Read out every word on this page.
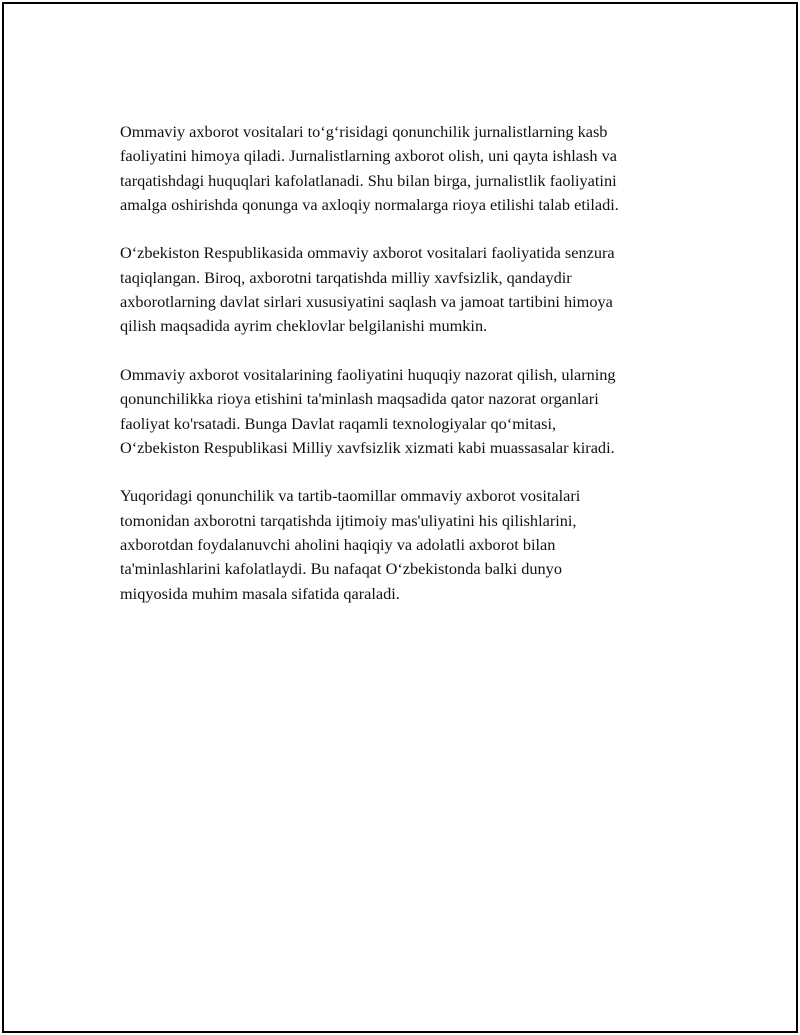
Ommaviy axborot vositalari to‘g‘risidagi qonunchilik jurnalistlarning kasb
faoliyatini himoya qiladi. Jurnalistlarning axborot olish, uni qayta ishlash va
tarqatishdagi huquqlari kafolatlanadi. Shu bilan birga, jurnalistlik faoliyatini
amalga oshirishda qonunga va axloqiy normalarga rioya etilishi talab etiladi.

O‘zbekiston Respublikasida ommaviy axborot vositalari faoliyatida senzura
taqiqlangan. Biroq, axborotni tarqatishda milliy xavfsizlik, qandaydir
axborotlarning davlat sirlari xususiyatini saqlash va jamoat tartibini himoya
qilish maqsadida ayrim cheklovlar belgilanishi mumkin.

Ommaviy axborot vositalarining faoliyatini huquqiy nazorat qilish, ularning
qonunchilikka rioya etishini ta'minlash maqsadida qator nazorat organlari
faoliyat ko'rsatadi. Bunga Davlat raqamli texnologiyalar qo‘mitasi,
O‘zbekiston Respublikasi Milliy xavfsizlik xizmati kabi muassasalar kiradi.

Yuqoridagi qonunchilik va tartib-taomillar ommaviy axborot vositalari
tomonidan axborotni tarqatishda ijtimoiy mas'uliyatini his qilishlarini,
axborotdan foydalanuvchi aholini haqiqiy va adolatli axborot bilan
ta'minlashlarini kafolatlaydi. Bu nafaqat O‘zbekistonda balki dunyo
miqyosida muhim masala sifatida qaraladi.
